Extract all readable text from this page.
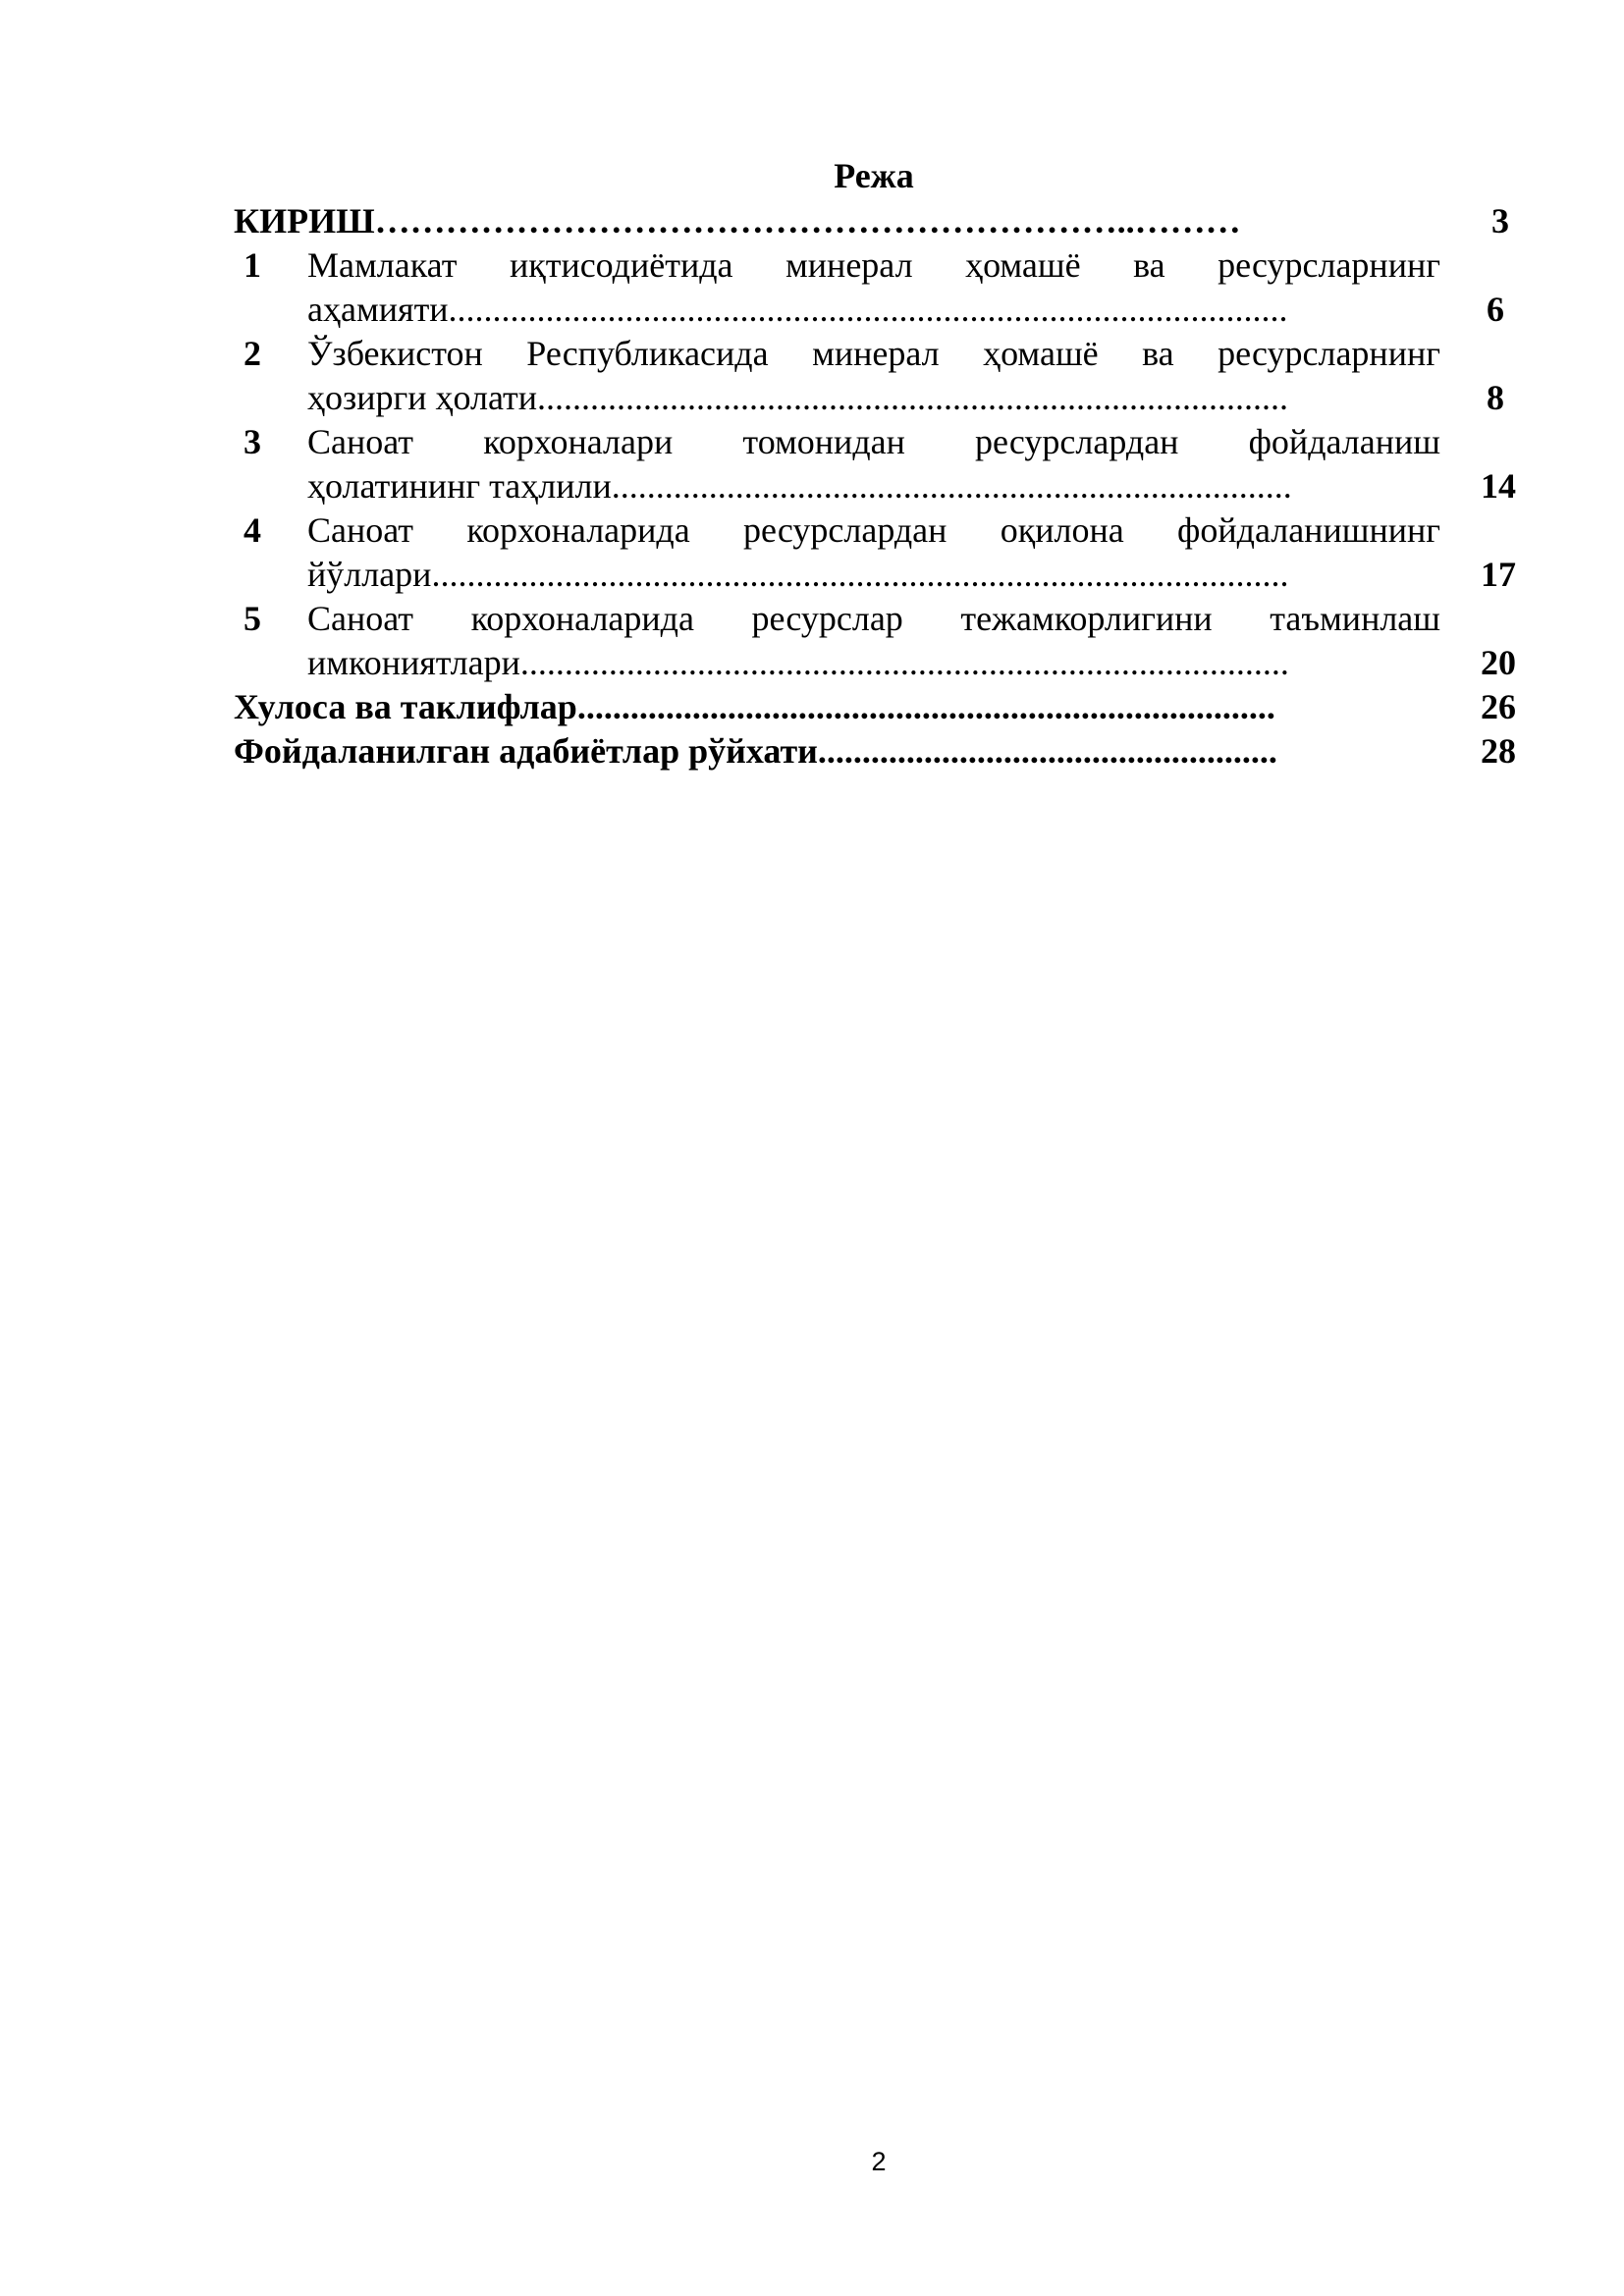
Режа
КИРИШ………………………………………………………..………	3
1 Мамлакат иқтисодиётида минерал ҳомашё ва ресурсларнинг
аҳамияти...............................................................................................	6
2 Ўзбекистон Республикасида минерал ҳомашё ва ресурсларнинг
ҳозирги ҳолати.....................................................................................	8
3 Саноат корхоналари томонидан ресурслардан фойдаланиш
ҳолатининг таҳлили.............................................................................	14
4 Саноат корхоналарида ресурслардан оқилона фойдаланишнинг
йўллари.................................................................................................	17
5 Саноат корхоналарида ресурслар тежамкорлигини таъминлаш
имкониятлари.......................................................................................	20
Хулоса ва таклифлар...............................................................................	26
Фойдаланилган адабиётлар рўйхати....................................................	28
2
